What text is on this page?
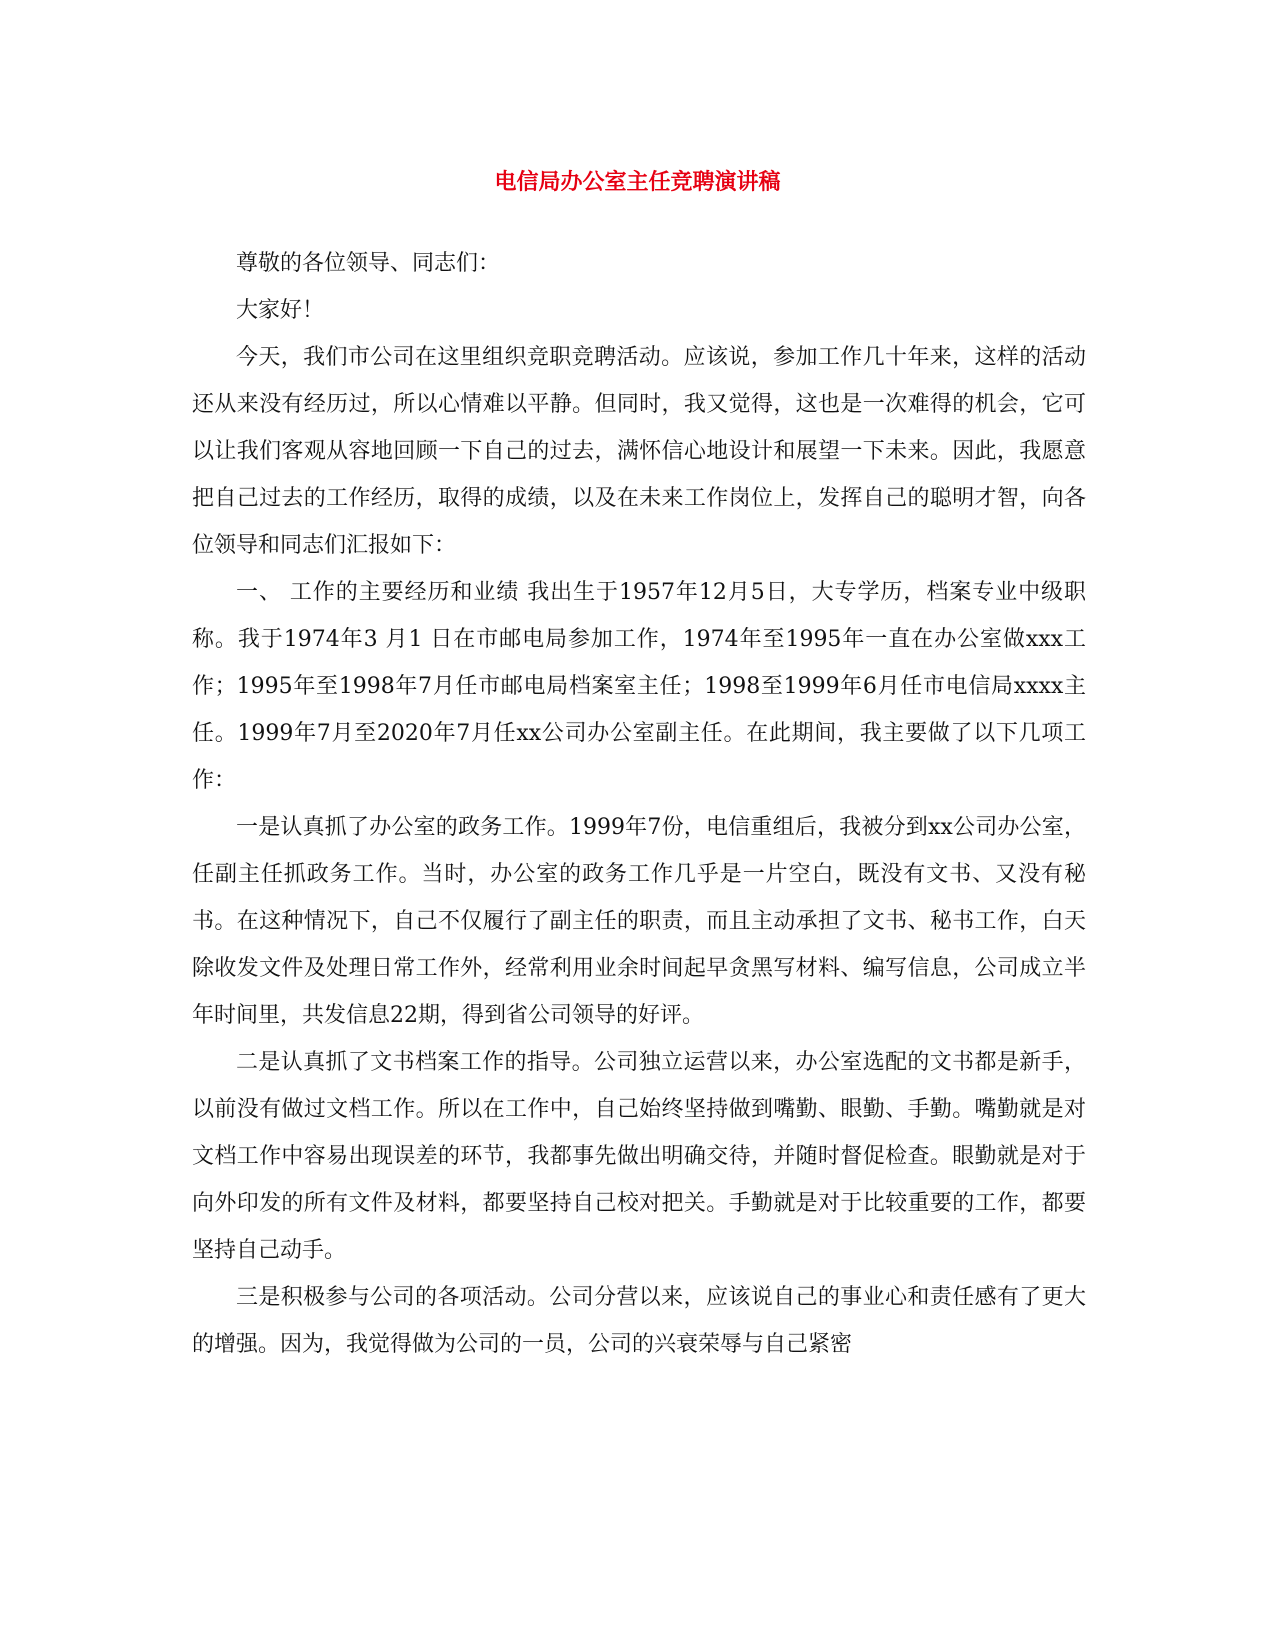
电信局办公室主任竞聘演讲稿

尊敬的各位领导、同志们：

大家好！

今天，我们市公司在这里组织竞职竞聘活动。应该说，参加工作几十年来，这样的活动还从来没有经历过，所以心情难以平静。但同时，我又觉得，这也是一次难得的机会，它可以让我们客观从容地回顾一下自己的过去，满怀信心地设计和展望一下未来。因此，我愿意把自己过去的工作经历，取得的成绩，以及在未来工作岗位上，发挥自己的聪明才智，向各位领导和同志们汇报如下：

一、 工作的主要经历和业绩 我出生于1957年12月5日，大专学历，档案专业中级职称。我于1974年3 月1 日在市邮电局参加工作，1974年至1995年一直在办公室做xxx工作；1995年至1998年7月任市邮电局档案室主任；1998至1999年6月任市电信局xxxx主任。1999年7月至2020年7月任xx公司办公室副主任。在此期间，我主要做了以下几项工作：

一是认真抓了办公室的政务工作。1999年7份，电信重组后，我被分到xx公司办公室，任副主任抓政务工作。当时，办公室的政务工作几乎是一片空白，既没有文书、又没有秘书。在这种情况下，自己不仅履行了副主任的职责，而且主动承担了文书、秘书工作，白天除收发文件及处理日常工作外，经常利用业余时间起早贪黑写材料、编写信息，公司成立半年时间里，共发信息22期，得到省公司领导的好评。

二是认真抓了文书档案工作的指导。公司独立运营以来，办公室选配的文书都是新手，以前没有做过文档工作。所以在工作中，自己始终坚持做到嘴勤、眼勤、手勤。嘴勤就是对文档工作中容易出现误差的环节，我都事先做出明确交待，并随时督促检查。眼勤就是对于向外印发的所有文件及材料，都要坚持自己校对把关。手勤就是对于比较重要的工作，都要坚持自己动手。

三是积极参与公司的各项活动。公司分营以来，应该说自己的事业心和责任感有了更大的增强。因为，我觉得做为公司的一员，公司的兴衰荣辱与自己紧密
